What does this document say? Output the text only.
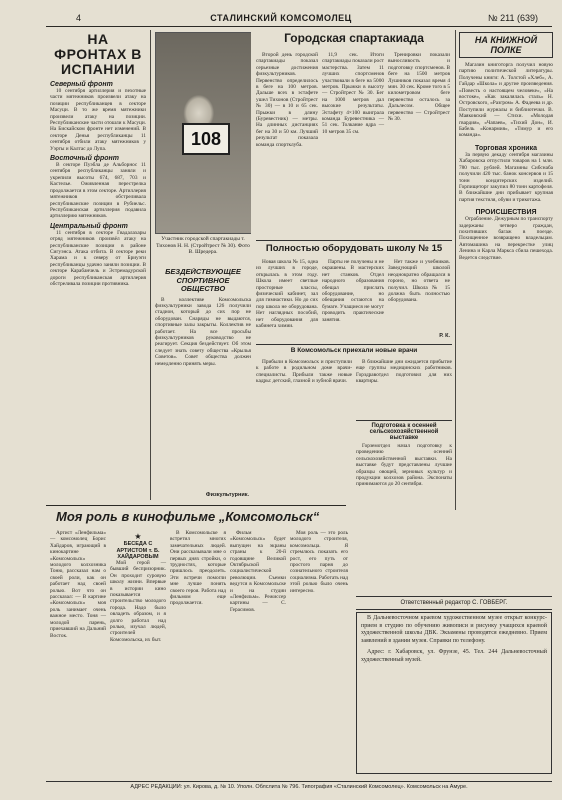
4	СТАЛИНСКИЙ КОМСОМОЛЕЦ	№ 211 (639)
НА ФРОНТАХ В ИСПАНИИ
Северный фронт

10 сентября артиллерия и пехотные части мятежников произвели атаку на позиции республиканцев в секторе Масуци. В то же время мятежники произвели атаку на позиции. Республиканские части отошли к Масуци. На Бискайском фронте нет изменений. В секторе Денья республиканцы 11 сентября отбили атаку мятежников у Уэрты и Калтас до Лупа.

Восточный фронт

В секторе Пуэбла де Альборнос 11 сентября республиканцы заняли и укрепили высоты 674, 687, 703 и Кастелье. Оживленная перестрелка продолжается в этом секторе. Артиллерия мятежников обстреливала республиканские позиции в Рубиельс. Республиканская артиллерия подавила артиллерию мятежников.

Центральный фронт

11 сентября в секторе Гвадалахары отряд мятежников произвёл атаку на республиканские позиции в районе Сигуэнса. Атака отбита. В секторе реки Харама и к северу от Бриуэги республиканцы удачно заняли позиции. В секторе Карабанчель и Эстремадурской дороги республиканская артиллерия обстреливала позиции противника.

108
Участник городской спартакиады т. Тихонов Н. Н. (Стройтрест № 30). Фото В. Шредера.
Городская спартакиада

Второй день городской спартакиады показал серьезные достижения физкультурников. Первенство определилось в беге на 100 метров. Дальше всех в эстафете ушел Тихонов (Стройтрест № 30) — в 10 и 65 сек. Прыжки в длину (Буревестник) — метры. На длинных дистанциях бег на 30 и 50 км. Лучший результат показала команда спортклуба.

11,9 сек. Итоги спартакиады показали рост мастерства. Затем 11 лучших спортсменов участвовали в беге на 5000 метров. Прыжки в высоту — Стройтрест № 30. Бег на 1000 метров дал высокие результаты. Эстафету 4×100 выиграла команда Буревестника — 51 сек. Толкание ядра — 10 метров 35 см.

Тренировки показали выносливость и подготовку спортсменов. В беге на 1500 метров Лушников показал время 4 мин. 30 сек. Кроме того в 5 километровом беге первенство осталось за Дальлесом. Общее первенство — Стройтрест № 30.

НА КНИЖНОЙ ПОЛКЕ

Магазин книготорга получил новую партию политической литературы. Получены книги: А. Толстой «Хлеб», А. Гайдар «Школа» и другие произведения. «Повесть о настоящем человеке», «На востоке», «Как закалялась сталь» Н. Островского, «Разгром» А. Фадеева и др. Поступили журналы и библиотечки. В. Маяковский — Стихи. «Молодая гвардия», «Чапаев», «Тихий Дон», И. Бабель «Конармия», «Тимур и его команда».

Торговая хроника

За первую декаду сентября магазины Хабаровска отпустили товаров на 1 млн. 780 тыс. рублей. Магазины Сибснаба получили 420 тыс. банок консервов и 15 тонн кондитерских изделий. Горпищеторг закупил 80 тонн картофеля. В ближайшие дни прибывает крупная партия текстиля, обуви и трикотажа.

ПРОИСШЕСТВИЯ

Ограбление. Дежурным по транспорту задержаны четверо граждан, похитивших багаж в поезде. Похищенное возвращено владельцам. Автомашина на перекрестке улиц Ленина и Карла Маркса сбила пешехода. Ведется следствие.

БЕЗДЕЙСТВУЮЩЕЕ СПОРТИВНОЕ ОБЩЕСТВО

В коллективе Комсомольска физкультурники завода 126 получили стадион, который до сих пор не оборудован. Снаряды не выдаются, спортивные залы закрыты. Коллектив не работает. На все просьбы физкультурников руководство не реагирует. Секция бездействует. Об этом следует знать совету общества «Крылья Советов». Совет общества должен немедленно принять меры.

Физкультурник.
Полностью оборудовать школу № 15

Новая школа № 15, одна из лучших в городе, открылась в этом году. Школа имеет светлые просторные классы, физический кабинет, зал для гимнастики. Но до сих пор школа не оборудована. Нет наглядных пособий, нет оборудования для кабинета химии.

Парты не получены и не окрашены. В мастерских нет станков. Отдел народного образования обещал прислать оборудование, но обещания остаются на бумаге. Учащиеся не могут проводить практические занятия.

Нет также и учебников. Заведующий школой неоднократно обращался в гороно, но ответа не получил. Школа № 15 должна быть полностью оборудована.

Р. К.
В Комсомольск приехали новые врачи

Прибыли в Комсомольск и приступили к работе в родильном доме врачи-специалисты. Прибыли также новые кадры: детский, глазной и зубной врачи.

В ближайшие дни ожидается прибытие еще группы медицинских работников. Горздравотдел подготовил для них квартиры.

Подготовка к осенней сельскохозяйственной выставке

Горземотдел начал подготовку к проведению осенней сельскохозяйственной выставки. На выставке будут представлены лучшие образцы овощей, зерновых культур и продукции колхозов района. Экспонаты принимаются до 20 сентября.

Моя роль в кинофильме „Комсомольск“

Артист «Ленфильма» — комсомолец Борис Хайдаров, играющий в кинокартине «Комсомольск» молодого колхозника Тоню, рассказал нам о своей роли, как он работает над своей ролью. Вот что он рассказал: — В картине «Комсомольск» моя роль занимает очень важное место. Тоня — молодой парень, приехавший на Дальний Восток.

★
БЕСЕДА С АРТИСТОМ т. Б. ХАЙДАРОВЫМ

Мой герой — бывший беспризорник. Он проходит суровую школу жизни. Впервые в истории кино показывается строительство молодого города. Надо было овладеть образом, и я долго работал над ролью, изучал людей, строителей Комсомольска, их быт.

В Комсомольске я встретил многих замечательных людей. Они рассказывали мне о первых днях стройки, о трудностях, которые пришлось преодолеть. Эти встречи помогли мне лучше понять своего героя. Работа над фильмом еще продолжается.

Фильм «Комсомольск» будет выпущен на экраны страны к 20-й годовщине Великой Октябрьской социалистической революции. Съемки ведутся в Комсомольске и на студии «Ленфильм». Режиссер картины — С. Герасимов.

Моя роль — это роль молодого строителя, комсомольца. Я стремлюсь показать его рост, его путь от простого парня до сознательного строителя социализма. Работать над этой ролью было очень интересно.

Ответственный редактор С. ГОВБЕРГ.

В Дальневосточном краевом художественном музее открыт конкурс-прием в студию по обучению живописи и рисунку учащихся краевой художественной школы ДВК. Экзамены проводятся ежедневно. Прием заявлений в здании музея. Справки по телефону.

Адрес: г. Хабаровск, ул. Фрунзе, 45. Тел. 244 Дальневосточный художественный музей.

АДРЕС РЕДАКЦИИ: ул. Кирова, д. № 10. Уполн. Облслита № 796. Типография «Сталинский Комсомолец». Комсомольск на Амуре.
